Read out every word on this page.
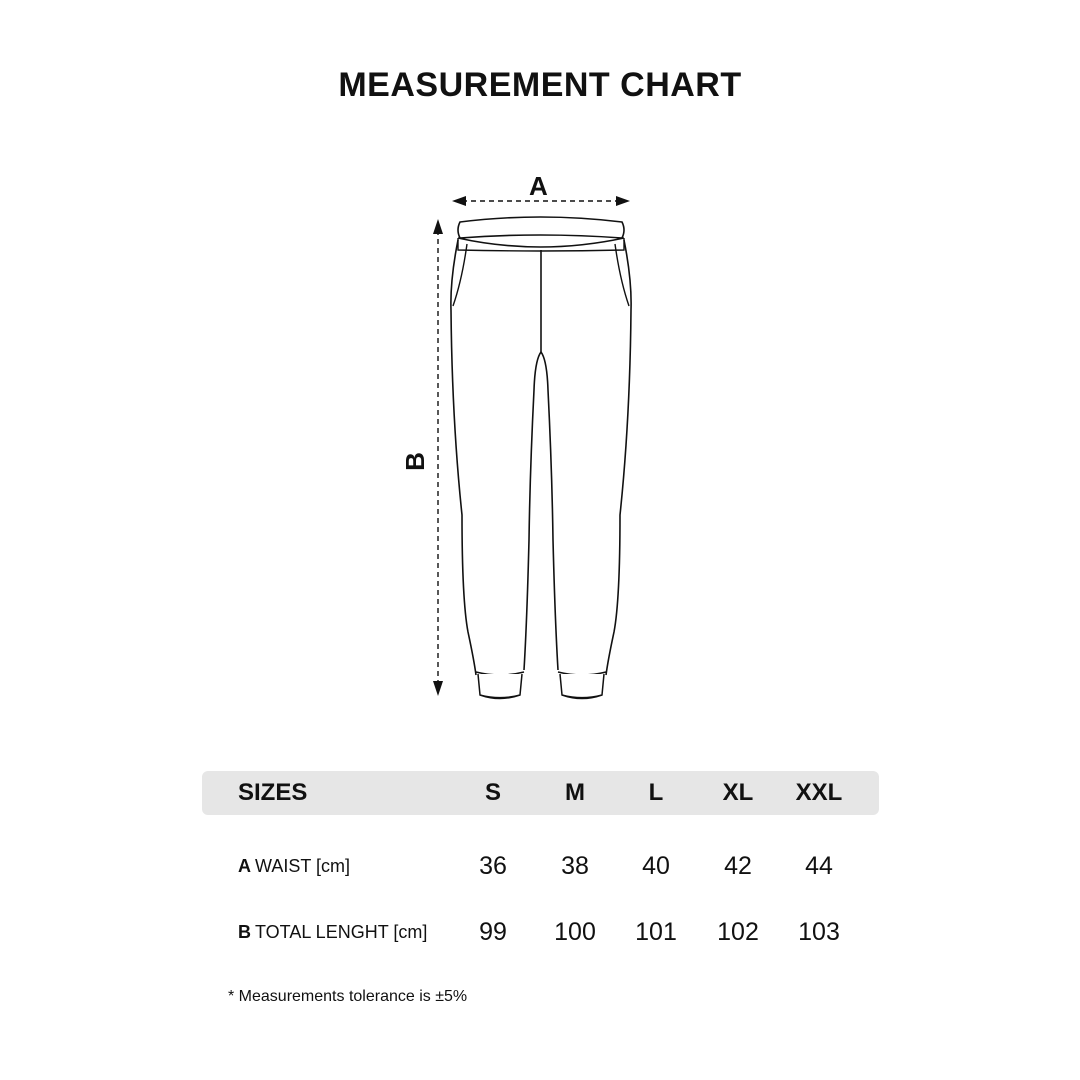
MEASUREMENT CHART
A
B
SIZES	S	M	L	XL	XXL
A WAIST [cm]	36	38	40	42	44
B TOTAL LENGHT [cm]	99	100	101	102	103
* Measurements tolerance is ±5%
